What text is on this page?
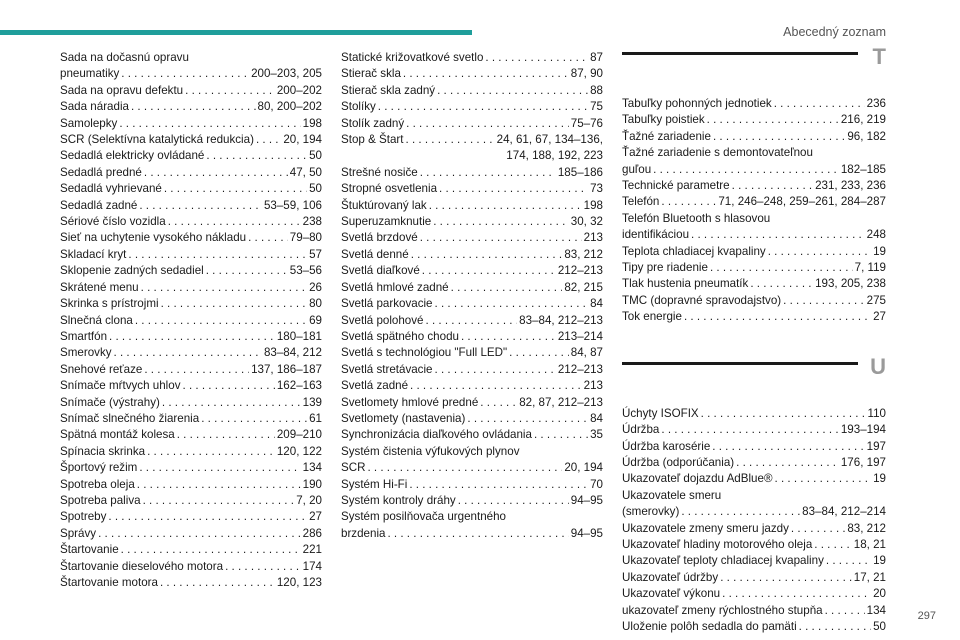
Abecedný zoznam
Sada na dočasnú opravu
pneumatiky . . .	200–203, 205
Sada na opravu defektu . . .	200–202
Sada náradia . . .	80, 200–202
Samolepky . . .	198
SCR (Selektívna katalytická redukcia) . . .	20, 194
Sedadlá elektricky ovládané . . .	50
Sedadlá predné . . .	47, 50
Sedadlá vyhrievané . . .	50
Sedadlá zadné . . .	53–59, 106
Sériové číslo vozidla . . .	238
Sieť na uchytenie vysokého nákladu . . .	79–80
Skladací kryt . . .	57
Sklopenie zadných sedadiel . . .	53–56
Skrátené menu . . .	26
Skrinka s prístrojmi . . .	80
Slnečná clona . . .	69
Smartfón . . .	180–181
Smerovky . . .	83–84, 212
Snehové reťaze . . .	137, 186–187
Snímače mŕtvych uhlov . . .	162–163
Snímače (výstrahy) . . .	139
Snímač slnečného žiarenia . . .	61
Spätná montáž kolesa . . .	209–210
Spínacia skrinka . . .	120, 122
Športový režim . . .	134
Spotreba oleja . . .	190
Spotreba paliva . . .	7, 20
Spotreby . . .	27
Správy . . .	286
Štartovanie . . .	221
Štartovanie dieselového motora . . .	174
Štartovanie motora . . .	120, 123
Statické križovatkové svetlo . . .	87
Stierač skla . . .	87, 90
Stierač skla zadný . . .	88
Stolíky . . .	75
Stolík zadný . . .	75–76
Stop & Štart . . .	24, 61, 67, 134–136,
174, 188, 192, 223
Strešné nosiče . . .	185–186
Stropné osvetlenia . . .	73
Štuktúrovaný lak . . .	198
Superuzamknutie . . .	30, 32
Svetlá brzdové . . .	213
Svetlá denné . . .	83, 212
Svetlá diaľkové . . .	212–213
Svetlá hmlové zadné . . .	82, 215
Svetlá parkovacie . . .	84
Svetlá polohové . . .	83–84, 212–213
Svetlá spätného chodu . . .	213–214
Svetlá s technológiou "Full LED" . . .	84, 87
Svetlá stretávacie . . .	212–213
Svetlá zadné . . .	213
Svetlomety hmlové predné . . .	82, 87, 212–213
Svetlomety (nastavenia) . . .	84
Synchronizácia diaľkového ovládania . . .	35
Systém čistenia výfukových plynov
SCR . . .	20, 194
Systém Hi-Fi . . .	70
Systém kontroly dráhy . . .	94–95
Systém posilňovača urgentného
brzdenia . . .	94–95
T
Tabuľky pohonných jednotiek . . .	236
Tabuľky poistiek . . .	216, 219
Ťažné zariadenie . . .	96, 182
Ťažné zariadenie s demontovateľnou
guľou . . .	182–185
Technické parametre . . .	231, 233, 236
Telefón . . .	71, 246–248, 259–261, 284–287
Telefón Bluetooth s hlasovou
identifikáciou . . .	248
Teplota chladiacej kvapaliny . . .	19
Tipy pre riadenie . . .	7, 119
Tlak hustenia pneumatík . . .	193, 205, 238
TMC (dopravné spravodajstvo) . . .	275
Tok energie . . .	27
U
Úchyty ISOFIX . . .	110
Údržba . . .	193–194
Údržba karosérie . . .	197
Údržba (odporúčania) . . .	176, 197
Ukazovateľ dojazdu AdBlue® . . .	19
Ukazovatele smeru
(smerovky) . . .	83–84, 212–214
Ukazovatele zmeny smeru jazdy . . .	83, 212
Ukazovateľ hladiny motorového oleja . . .	18, 21
Ukazovateľ teploty chladiacej kvapaliny . . .	19
Ukazovateľ údržby . . .	17, 21
Ukazovateľ výkonu . . .	20
ukazovateľ zmeny rýchlostného stupňa . . .	134
Uloženie polôh sedadla do pamäti . . .	50
297
